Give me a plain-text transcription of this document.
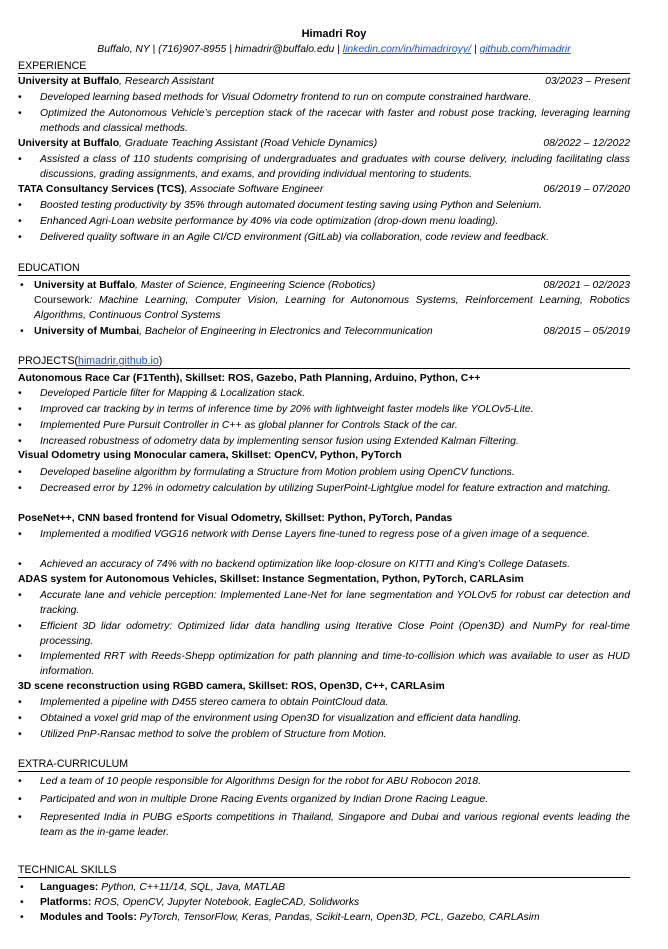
Himadri Roy
Buffalo, NY | (716)907-8955 | himadrir@buffalo.edu | linkedin.com/in/himadriroyy/ | github.com/himadrir
EXPERIENCE
University at Buffalo, Research Assistant	03/2023 – Present
• Developed learning based methods for Visual Odometry frontend to run on compute constrained hardware.
• Optimized the Autonomous Vehicle’s perception stack of the racecar with faster and robust pose tracking, leveraging learning methods and classical methods.
University at Buffalo, Graduate Teaching Assistant (Road Vehicle Dynamics)	08/2022 – 12/2022
• Assisted a class of 110 students comprising of undergraduates and graduates with course delivery, including facilitating class discussions, grading assignments, and exams, and providing individual mentoring to students.
TATA Consultancy Services (TCS), Associate Software Engineer	06/2019 – 07/2020
• Boosted testing productivity by 35% through automated document testing saving using Python and Selenium.
• Enhanced Agri-Loan website performance by 40% via code optimization (drop-down menu loading).
• Delivered quality software in an Agile CI/CD environment (GitLab) via collaboration, code review and feedback.
EDUCATION
• University at Buffalo, Master of Science, Engineering Science (Robotics)	08/2021 – 02/2023
Coursework: Machine Learning, Computer Vision, Learning for Autonomous Systems, Reinforcement Learning, Robotics Algorithms, Continuous Control Systems
• University of Mumbai, Bachelor of Engineering in Electronics and Telecommunication	08/2015 – 05/2019
PROJECTS(himadrir.github.io)
Autonomous Race Car (F1Tenth), Skillset: ROS, Gazebo, Path Planning, Arduino, Python, C++
• Developed Particle filter for Mapping & Localization stack.
• Improved car tracking by in terms of inference time by 20% with lightweight faster models like YOLOv5-Lite.
• Implemented Pure Pursuit Controller in C++ as global planner for Controls Stack of the car.
• Increased robustness of odometry data by implementing sensor fusion using Extended Kalman Filtering.
Visual Odometry using Monocular camera, Skillset: OpenCV, Python, PyTorch
• Developed baseline algorithm by formulating a Structure from Motion problem using OpenCV functions.
• Decreased error by 12% in odometry calculation by utilizing SuperPoint-Lightglue model for feature extraction and matching.
PoseNet++, CNN based frontend for Visual Odometry, Skillset: Python, PyTorch, Pandas
• Implemented a modified VGG16 network with Dense Layers fine-tuned to regress pose of a given image of a sequence.
• Achieved an accuracy of 74% with no backend optimization like loop-closure on KITTI and King’s College Datasets.
ADAS system for Autonomous Vehicles, Skillset: Instance Segmentation, Python, PyTorch, CARLAsim
• Accurate lane and vehicle perception: Implemented Lane-Net for lane segmentation and YOLOv5 for robust car detection and tracking.
• Efficient 3D lidar odometry: Optimized lidar data handling using Iterative Close Point (Open3D) and NumPy for real-time processing.
• Implemented RRT with Reeds-Shepp optimization for path planning and time-to-collision which was available to user as HUD information.
3D scene reconstruction using RGBD camera, Skillset: ROS, Open3D, C++, CARLAsim
• Implemented a pipeline with D455 stereo camera to obtain PointCloud data.
• Obtained a voxel grid map of the environment using Open3D for visualization and efficient data handling.
• Utilized PnP-Ransac method to solve the problem of Structure from Motion.
EXTRA-CURRICULUM
• Led a team of 10 people responsible for Algorithms Design for the robot for ABU Robocon 2018.
• Participated and won in multiple Drone Racing Events organized by Indian Drone Racing League.
• Represented India in PUBG eSports competitions in Thailand, Singapore and Dubai and various regional events leading the team as the in-game leader.
TECHNICAL SKILLS
• Languages: Python, C++11/14, SQL, Java, MATLAB
• Platforms: ROS, OpenCV, Jupyter Notebook, EagleCAD, Solidworks
• Modules and Tools: PyTorch, TensorFlow, Keras, Pandas, Scikit-Learn, Open3D, PCL, Gazebo, CARLAsim
